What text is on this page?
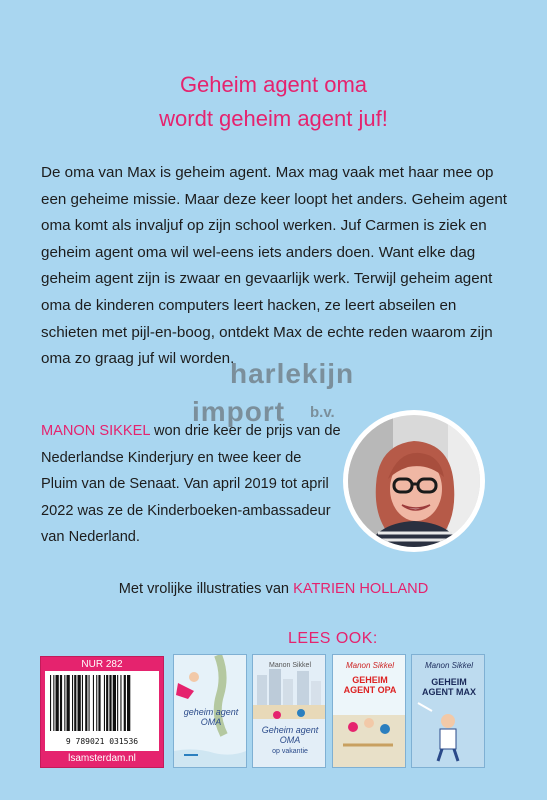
Geheim agent oma
wordt geheim agent juf!
De oma van Max is geheim agent. Max mag vaak met haar mee op een geheime missie. Maar deze keer loopt het anders. Geheim agent oma komt als invaljuf op zijn school werken. Juf Carmen is ziek en geheim agent oma wil wel-eens iets anders doen. Want elke dag geheim agent zijn is zwaar en gevaarlijk werk. Terwijl geheim agent oma de kinderen computers leert hacken, ze leert abseilen en schieten met pijl-en-boog, ontdekt Max de echte reden waarom zijn oma zo graag juf wil worden.
MANON SIKKEL won drie keer de prijs van de Nederlandse Kinderjury en twee keer de Pluim van de Senaat. Van april 2019 tot april 2022 was ze de Kinderboeken-ambassadeur van Nederland.
harlekijn
import b.v.
Met vrolijke illustraties van KATRIEN HOLLAND
LEES OOK:
NUR 282
9 789021 031536
lsamsterdam.nl
geheim agent OMA
Manon Sikkel
Geheim agent OMA
op vakantie
Manon Sikkel
GEHEIM AGENT OPA
Manon Sikkel
GEHEIM AGENT MAX
